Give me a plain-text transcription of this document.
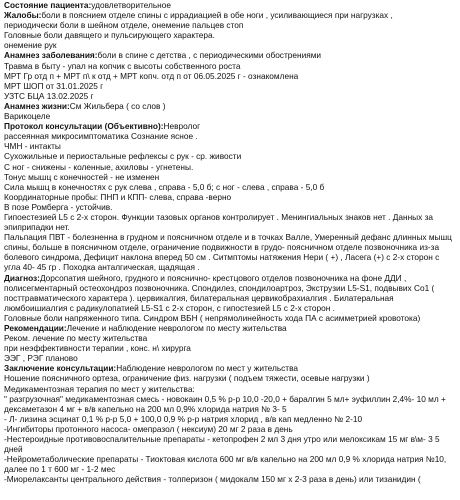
Состояние пациента:удовлетворительное
Жалобы:боли в пояснием отделе спины с иррадиацией в обе ноги , усиливающиеся при нагрузках ,
периодически боли в шейном отделе, онемение пальцев стоп
Головные боли давящего и пульсирующего характера.
онемение рук
Анамнез заболевания:боли в спине с детства , с периодическими обострениями
Травма в быту - упал на копчик с высоты собственного роста
МРТ Гр отд п + МРТ п\ к отд + МРТ копч. отд п от 06.05.2025 г - ознакомлена
МРТ ШОП от 31.01.2025 г
УЗТС БЦА 13.02.2025 г
Анамнез жизни:См Жильбера ( со слов )
Варикоцеле
Протокол консультации (Объективно):Невролог
рассеянная микросимптоматика Сознание ясное .
ЧМН - интакты
Сухожильные и периостальные рефлексы с рук - ср. живости
С ног - снижены - коленные, ахиловы - угнетены.
Тонус мышц с конечностей - не изменен
Сила мышц в конечностях с рук слева , справа - 5,0 б; с ног - слева , справа - 5,0 б
Координаторные пробы: ПНП и КПП- слева, справа -верно
В позе Ромберга - устойчив.
Гипоестезией L5 с 2-х сторон. Функции тазовых органов контролирует . Менингиальных знаков нет . Данных за
эпиприпадки нет.
Пальпация ПВТ - болезненна в грудном и поясничном отделе и в точках Валле, Умеренный дефанс длинных мышц
спины, больше в поясничном отделе, ограничение подвижности в грудо- поясничном отделе позвоночника из-за
болевого синдрома, Дефицит наклона вперед 50 см . Ситмптомы натяжения Нери ( +) , Ласега (+) с 2-х сторон с
угла 40- 45 гр . Походка анталгическая, щадящая .
Диагноз:Дорсопатия шейного, грудного и пояснично- крестцового отделов позвоночника на фоне ДДИ ,
полисегментарный остеохондроз позвоночника. Спондилез, спондилоартроз, Экструзии L5-S1, подвывих Со1 (
посттравматического характера ). цервикалгия, билатеральная цервикобрахиалгия . Билатеральная
люмбоишиалгия с радикулопатией L5-S1 с 2-х сторон, с гипостезией L5 с 2-х сторон .
Головные боли напряженного типа. Синдром ВБН ( непрямолинейность хода ПА с асимметрией кровотока)
Рекомендации:Лечение и наблюдение неврологом по месту жительства
Реком. лечение по месту жительства
при неэффективности терапии , конс. н\ хирурга
ЭЭГ , РЭГ планово
Заключение консультации:Наблюдение неврологом по мест у жительства
Ношение поясничного ортеза, ограничение физ. нагрузки ( подъем тяжести, осевые нагрузки )
Медикаментозная терапия по мест у жительства:
" разгрузочная" медикаментозная смесь - новокаин 0,5 % р-р 10,0 -20,0 + баралгин 5 мл+ эуфиллин 2,4%- 10 мл +
дексаметазон 4 мг + в/в капельно на 200 мл 0,9% хлорида натрия № 3- 5
- Л- лизина эсцинат 0,1 % р-р 5,0 + 100,0 0,9 % р-р натрия хлорид , в/в кап медленно № 2-10
-Ингибиторы протонного насоса- омепразол ( нексиум) 20 мг 2 раза в день
-Нестероидные противовоспалительные препараты - кетопрофен 2 мл 3 дня утро или мелоксикам 15 мг в\м- 3 5
дней
-Нейрометаболические препараты - Тиоктовая кислота 600 мг в/в капельно на 200 мл 0,9 % хлорида натрия №10,
далее по 1 т 600 мг - 1-2 мес
-Миорелаксанты центрального действия - толперизон ( мидокалм 150 мг х 2-3 раза в день) или тизанидин (
